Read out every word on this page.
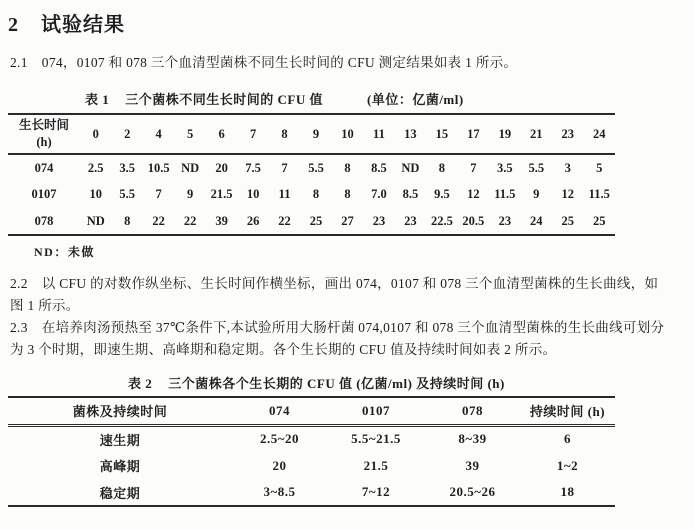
2 试验结果

2.1 074，0107 和 078 三个血清型菌株不同生长时间的 CFU 测定结果如表 1 所示。

表 1 三个菌株不同生长时间的 CFU 值	(单位：亿菌/ml)
生长时间
(h)	0	2	4	5	6	7	8	9	10	11	13	15	17	19	21	23	24
074	2.5	3.5	10.5	ND	20	7.5	7	5.5	8	8.5	ND	8	7	3.5	5.5	3	5
0107	10	5.5	7	9	21.5	10	11	8	8	7.0	8.5	9.5	12	11.5	9	12	11.5
078	ND	8	22	22	39	26	22	25	27	23	23	22.5	20.5	23	24	25	25
ND：未做

2.2 以 CFU 的对数作纵坐标、生长时间作横坐标，画出 074，0107 和 078 三个血清型菌株的生长曲线，如图 1 所示。

2.3 在培养肉汤预热至 37℃条件下,本试验所用大肠杆菌 074,0107 和 078 三个血清型菌株的生长曲线可划分为 3 个时期，即速生期、高峰期和稳定期。各个生长期的 CFU 值及持续时间如表 2 所示。

表 2 三个菌株各个生长期的 CFU 值 (亿菌/ml) 及持续时间 (h)
菌株及持续时间	074	0107	078	持续时间 (h)
速生期	2.5~20	5.5~21.5	8~39	6
高峰期	20	21.5	39	1~2
稳定期	3~8.5	7~12	20.5~26	18
